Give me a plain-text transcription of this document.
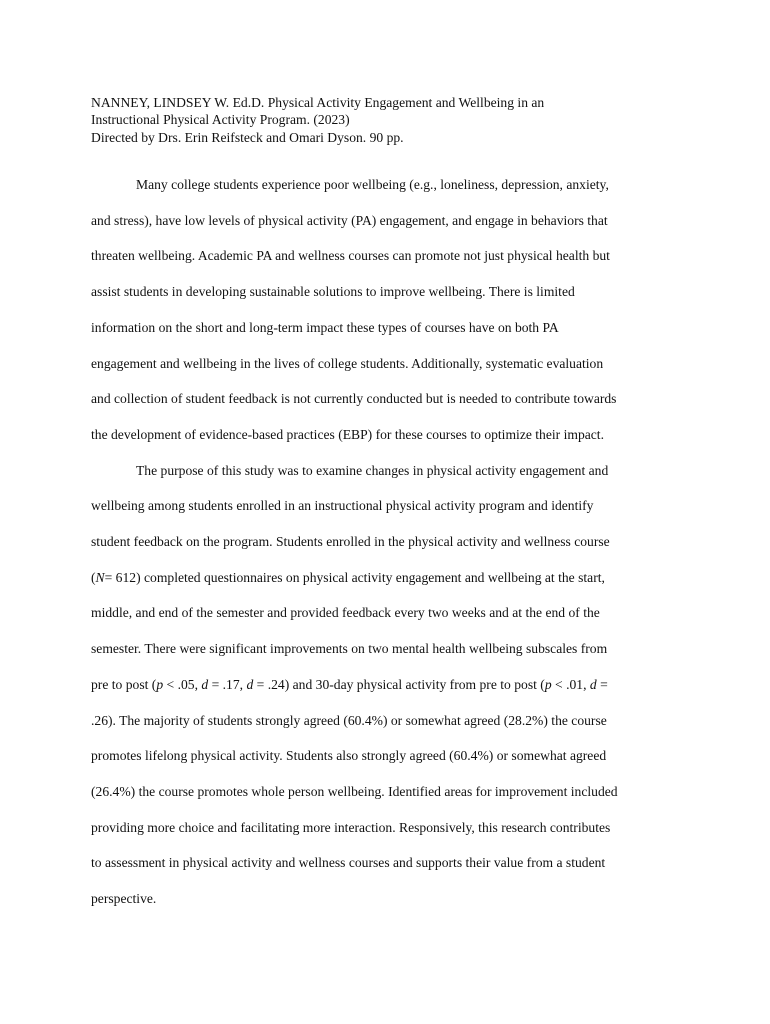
NANNEY, LINDSEY W. Ed.D. Physical Activity Engagement and Wellbeing in an
Instructional Physical Activity Program. (2023)
Directed by Drs. Erin Reifsteck and Omari Dyson. 90 pp.
Many college students experience poor wellbeing (e.g., loneliness, depression, anxiety,
and stress), have low levels of physical activity (PA) engagement, and engage in behaviors that
threaten wellbeing. Academic PA and wellness courses can promote not just physical health but
assist students in developing sustainable solutions to improve wellbeing. There is limited
information on the short and long-term impact these types of courses have on both PA
engagement and wellbeing in the lives of college students. Additionally, systematic evaluation
and collection of student feedback is not currently conducted but is needed to contribute towards
the development of evidence-based practices (EBP) for these courses to optimize their impact.
The purpose of this study was to examine changes in physical activity engagement and
wellbeing among students enrolled in an instructional physical activity program and identify
student feedback on the program. Students enrolled in the physical activity and wellness course
(N= 612) completed questionnaires on physical activity engagement and wellbeing at the start,
middle, and end of the semester and provided feedback every two weeks and at the end of the
semester. There were significant improvements on two mental health wellbeing subscales from
pre to post (p < .05, d = .17, d = .24) and 30-day physical activity from pre to post (p < .01, d =
.26). The majority of students strongly agreed (60.4%) or somewhat agreed (28.2%) the course
promotes lifelong physical activity. Students also strongly agreed (60.4%) or somewhat agreed
(26.4%) the course promotes whole person wellbeing. Identified areas for improvement included
providing more choice and facilitating more interaction. Responsively, this research contributes
to assessment in physical activity and wellness courses and supports their value from a student
perspective.
